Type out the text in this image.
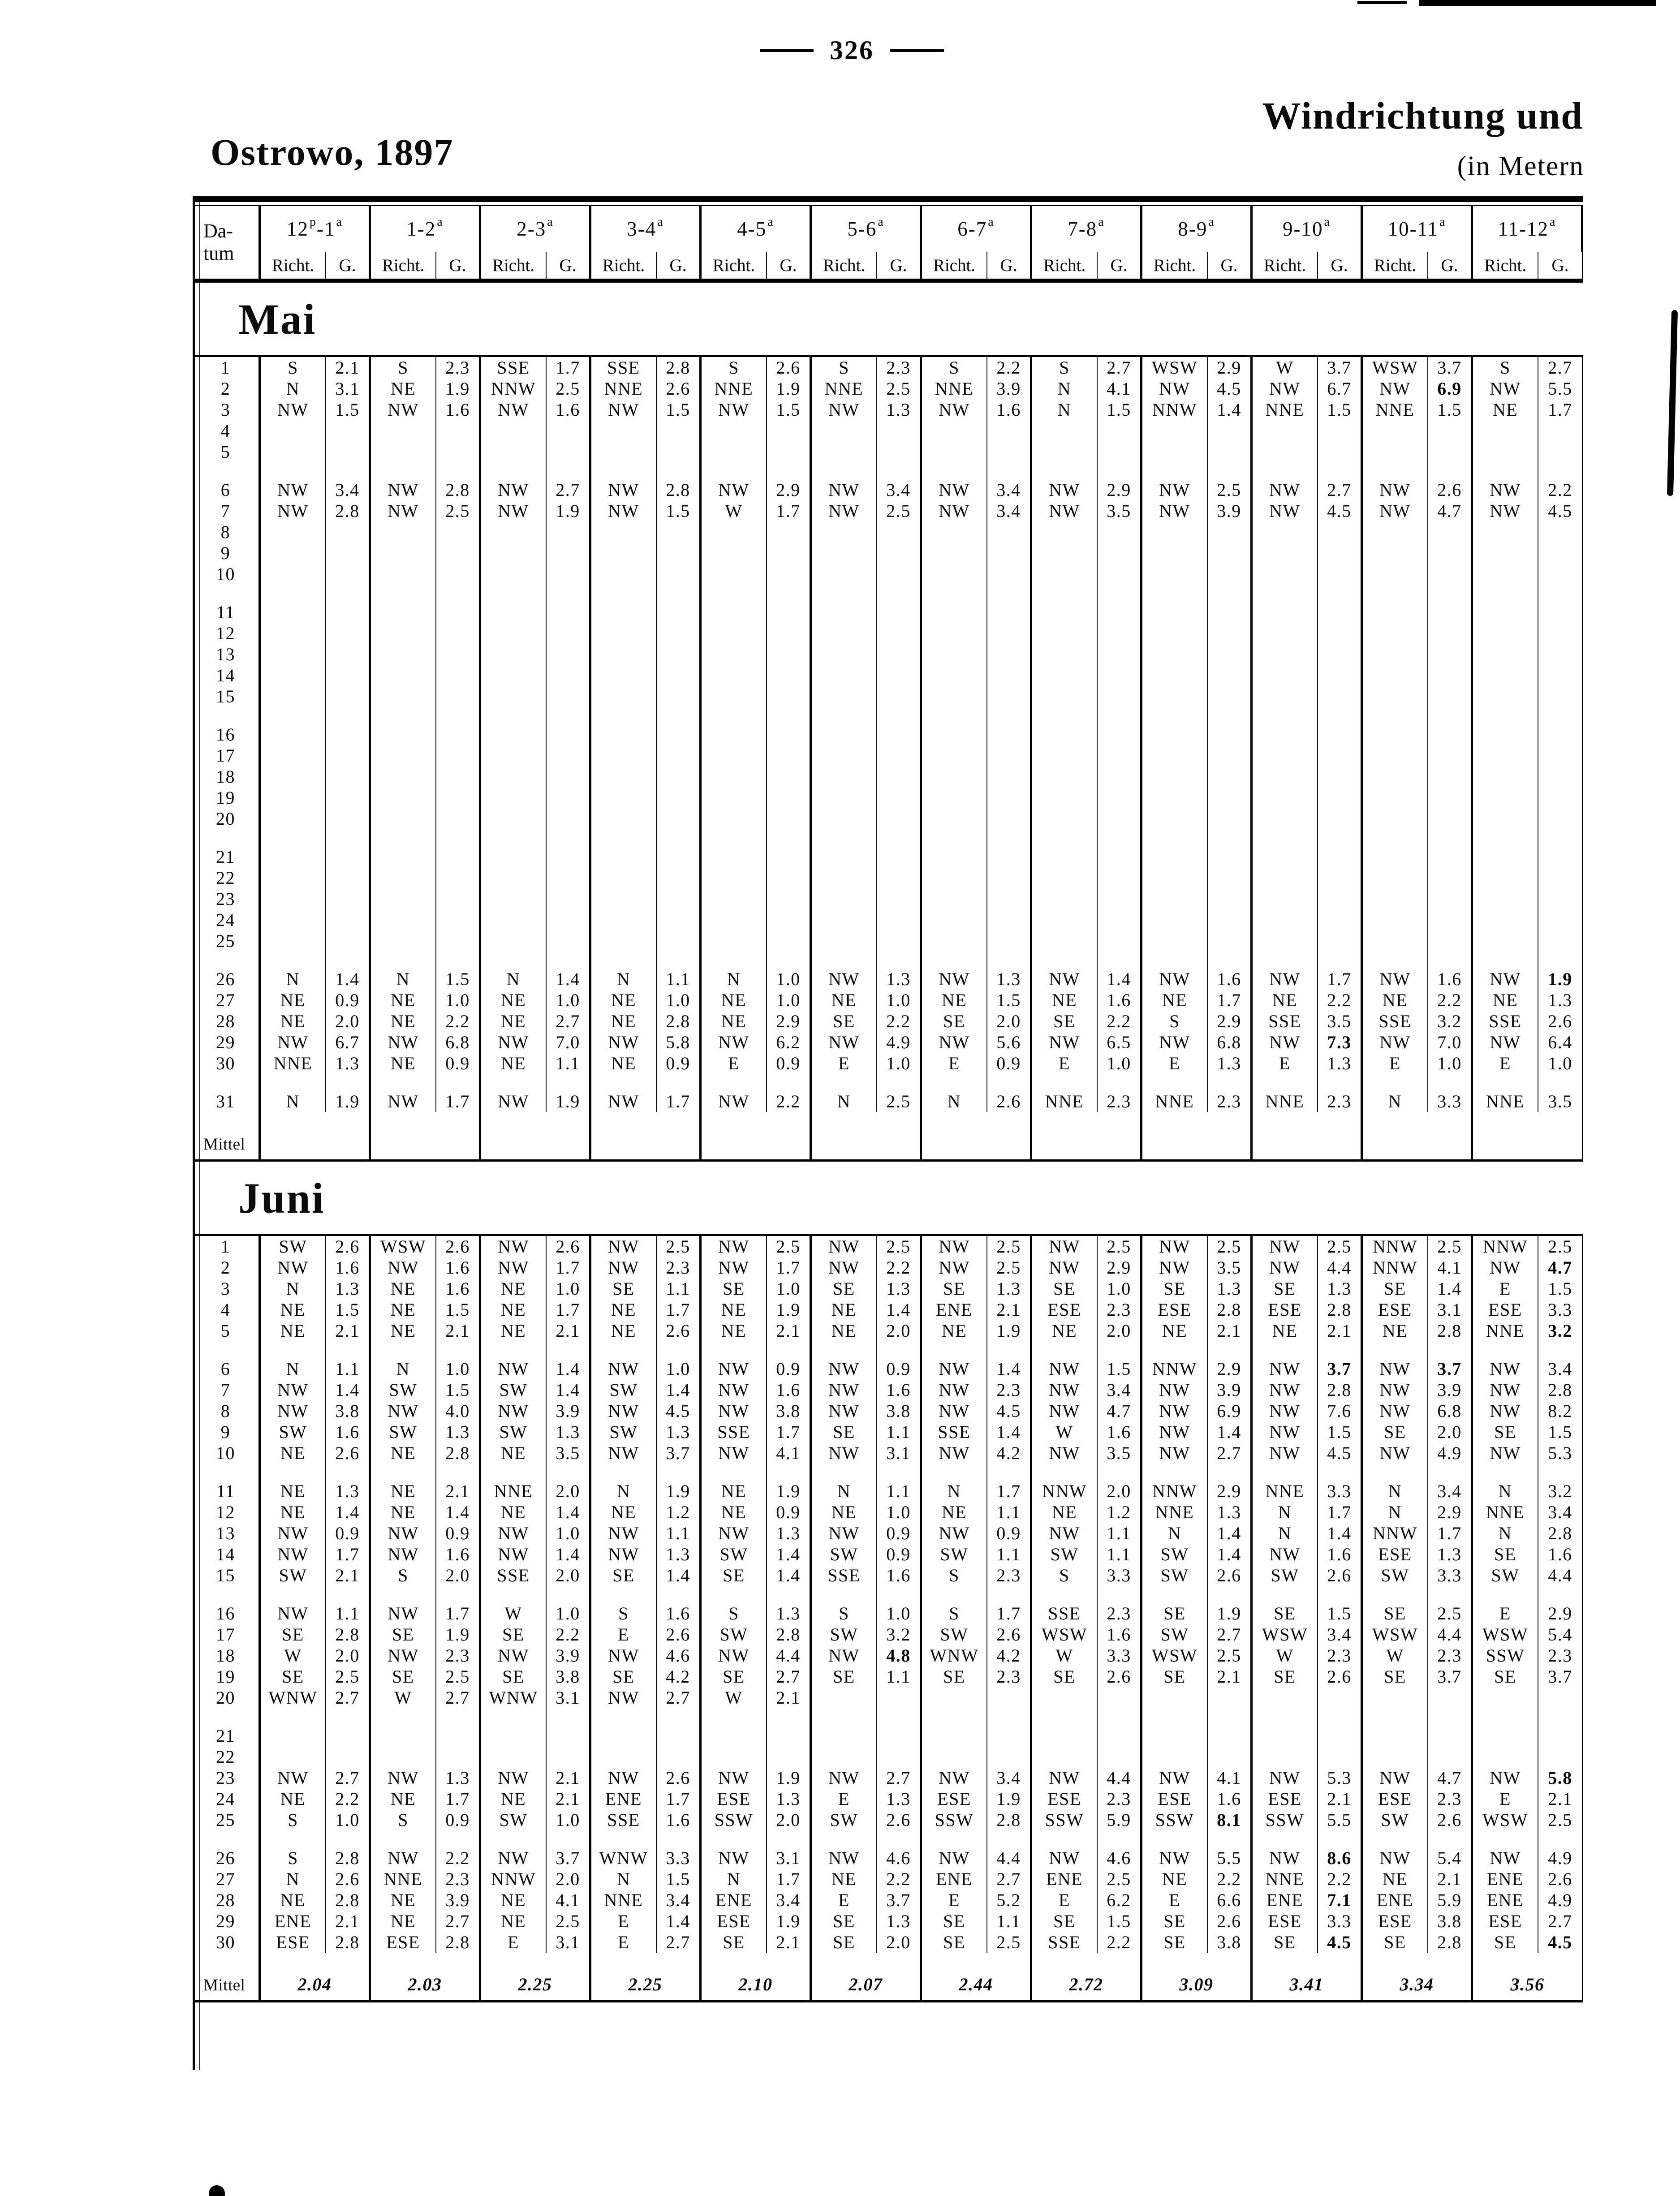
326
Windrichtung und
(in Metern
Ostrowo, 1897
Da-
tum
12 p -1 a	1 -2 a	2 -3 a	3 -4 a	4 -5 a	5 -6 a	6 -7 a	7 -8 a	8 -9 a	9 -10 a	10 -11 a	11 -12 a
Richt.	G.	Richt.	G.	Richt.	G.	Richt.	G.	Richt.	G.	Richt.	G.	Richt.	G.	Richt.	G.	Richt.	G.	Richt.	G.	Richt.	G.	Richt.	G.
Mai
1	S	2.1	S	2.3	SSE	1.7	SSE	2.8	S	2.6	S	2.3	S	2.2	S	2.7	WSW	2.9	W	3.7	WSW	3.7	S	2.7
2	N	3.1	NE	1.9	NNW	2.5	NNE	2.6	NNE	1.9	NNE	2.5	NNE	3.9	N	4.1	NW	4.5	NW	6.7	NW	6.9	NW	5.5
3	NW	1.5	NW	1.6	NW	1.6	NW	1.5	NW	1.5	NW	1.3	NW	1.6	N	1.5	NNW	1.4	NNE	1.5	NNE	1.5	NE	1.7
4
5
6	NW	3.4	NW	2.8	NW	2.7	NW	2.8	NW	2.9	NW	3.4	NW	3.4	NW	2.9	NW	2.5	NW	2.7	NW	2.6	NW	2.2
7	NW	2.8	NW	2.5	NW	1.9	NW	1.5	W	1.7	NW	2.5	NW	3.4	NW	3.5	NW	3.9	NW	4.5	NW	4.7	NW	4.5
8
9
10
11
12
13
14
15
16
17
18
19
20
21
22
23
24
25
26	N	1.4	N	1.5	N	1.4	N	1.1	N	1.0	NW	1.3	NW	1.3	NW	1.4	NW	1.6	NW	1.7	NW	1.6	NW	1.9
27	NE	0.9	NE	1.0	NE	1.0	NE	1.0	NE	1.0	NE	1.0	NE	1.5	NE	1.6	NE	1.7	NE	2.2	NE	2.2	NE	1.3
28	NE	2.0	NE	2.2	NE	2.7	NE	2.8	NE	2.9	SE	2.2	SE	2.0	SE	2.2	S	2.9	SSE	3.5	SSE	3.2	SSE	2.6
29	NW	6.7	NW	6.8	NW	7.0	NW	5.8	NW	6.2	NW	4.9	NW	5.6	NW	6.5	NW	6.8	NW	7.3	NW	7.0	NW	6.4
30	NNE	1.3	NE	0.9	NE	1.1	NE	0.9	E	0.9	E	1.0	E	0.9	E	1.0	E	1.3	E	1.3	E	1.0	E	1.0
31	N	1.9	NW	1.7	NW	1.9	NW	1.7	NW	2.2	N	2.5	N	2.6	NNE	2.3	NNE	2.3	NNE	2.3	N	3.3	NNE	3.5
Mittel
Juni
1	SW	2.6	WSW	2.6	NW	2.6	NW	2.5	NW	2.5	NW	2.5	NW	2.5	NW	2.5	NW	2.5	NW	2.5	NNW	2.5	NNW	2.5
2	NW	1.6	NW	1.6	NW	1.7	NW	2.3	NW	1.7	NW	2.2	NW	2.5	NW	2.9	NW	3.5	NW	4.4	NNW	4.1	NW	4.7
3	N	1.3	NE	1.6	NE	1.0	SE	1.1	SE	1.0	SE	1.3	SE	1.3	SE	1.0	SE	1.3	SE	1.3	SE	1.4	E	1.5
4	NE	1.5	NE	1.5	NE	1.7	NE	1.7	NE	1.9	NE	1.4	ENE	2.1	ESE	2.3	ESE	2.8	ESE	2.8	ESE	3.1	ESE	3.3
5	NE	2.1	NE	2.1	NE	2.1	NE	2.6	NE	2.1	NE	2.0	NE	1.9	NE	2.0	NE	2.1	NE	2.1	NE	2.8	NNE	3.2
6	N	1.1	N	1.0	NW	1.4	NW	1.0	NW	0.9	NW	0.9	NW	1.4	NW	1.5	NNW	2.9	NW	3.7	NW	3.7	NW	3.4
7	NW	1.4	SW	1.5	SW	1.4	SW	1.4	NW	1.6	NW	1.6	NW	2.3	NW	3.4	NW	3.9	NW	2.8	NW	3.9	NW	2.8
8	NW	3.8	NW	4.0	NW	3.9	NW	4.5	NW	3.8	NW	3.8	NW	4.5	NW	4.7	NW	6.9	NW	7.6	NW	6.8	NW	8.2
9	SW	1.6	SW	1.3	SW	1.3	SW	1.3	SSE	1.7	SE	1.1	SSE	1.4	W	1.6	NW	1.4	NW	1.5	SE	2.0	SE	1.5
10	NE	2.6	NE	2.8	NE	3.5	NW	3.7	NW	4.1	NW	3.1	NW	4.2	NW	3.5	NW	2.7	NW	4.5	NW	4.9	NW	5.3
11	NE	1.3	NE	2.1	NNE	2.0	N	1.9	NE	1.9	N	1.1	N	1.7	NNW	2.0	NNW	2.9	NNE	3.3	N	3.4	N	3.2
12	NE	1.4	NE	1.4	NE	1.4	NE	1.2	NE	0.9	NE	1.0	NE	1.1	NE	1.2	NNE	1.3	N	1.7	N	2.9	NNE	3.4
13	NW	0.9	NW	0.9	NW	1.0	NW	1.1	NW	1.3	NW	0.9	NW	0.9	NW	1.1	N	1.4	N	1.4	NNW	1.7	N	2.8
14	NW	1.7	NW	1.6	NW	1.4	NW	1.3	SW	1.4	SW	0.9	SW	1.1	SW	1.1	SW	1.4	NW	1.6	ESE	1.3	SE	1.6
15	SW	2.1	S	2.0	SSE	2.0	SE	1.4	SE	1.4	SSE	1.6	S	2.3	S	3.3	SW	2.6	SW	2.6	SW	3.3	SW	4.4
16	NW	1.1	NW	1.7	W	1.0	S	1.6	S	1.3	S	1.0	S	1.7	SSE	2.3	SE	1.9	SE	1.5	SE	2.5	E	2.9
17	SE	2.8	SE	1.9	SE	2.2	E	2.6	SW	2.8	SW	3.2	SW	2.6	WSW	1.6	SW	2.7	WSW	3.4	WSW	4.4	WSW	5.4
18	W	2.0	NW	2.3	NW	3.9	NW	4.6	NW	4.4	NW	4.8	WNW 4.2	W	3.3	WSW	2.5	W	2.3	W	2.3	SSW	2.3
19	SE	2.5	SE	2.5	SE	3.8	SE	4.2	SE	2.7	SE	1.1	SE	2.3	SE	2.6	SE	2.1	SE	2.6	SE	3.7	SE	3.7
20	WNW 2.7	W	2.7	WNW 3.1	NW	2.7	W	2.1
21
22
23	NW	2.7	NW	1.3	NW	2.1	NW	2.6	NW	1.9	NW	2.7	NW	3.4	NW	4.4	NW	4.1	NW	5.3	NW	4.7	NW	5.8
24	NE	2.2	NE	1.7	NE	2.1	ENE	1.7	ESE	1.3	E	1.3	ESE	1.9	ESE	2.3	ESE	1.6	ESE	2.1	ESE	2.3	E	2.1
25	S	1.0	S	0.9	SW	1.0	SSE	1.6	SSW	2.0	SW	2.6	SSW	2.8	SSW	5.9	SSW	8.1	SSW	5.5	SW	2.6	WSW	2.5
26	S	2.8	NW	2.2	NW	3.7	WNW 3.3	NW	3.1	NW	4.6	NW	4.4	NW	4.6	NW	5.5	NW	8.6	NW	5.4	NW	4.9
27	N	2.6	NNE	2.3	NNW	2.0	N	1.5	N	1.7	NE	2.2	ENE	2.7	ENE	2.5	NE	2.2	NNE	2.2	NE	2.1	ENE	2.6
28	NE	2.8	NE	3.9	NE	4.1	NNE	3.4	ENE	3.4	E	3.7	E	5.2	E	6.2	E	6.6	ENE	7.1	ENE	5.9	ENE	4.9
29	ENE	2.1	NE	2.7	NE	2.5	E	1.4	ESE	1.9	SE	1.3	SE	1.1	SE	1.5	SE	2.6	ESE	3.3	ESE	3.8	ESE	2.7
30	ESE	2.8	ESE	2.8	E	3.1	E	2.7	SE	2.1	SE	2.0	SE	2.5	SSE	2.2	SE	3.8	SE	4.5	SE	2.8	SE	4.5
Mittel	2.04	2.03	2.25	2.25	2.10	2.07	2.44	2.72	3.09	3.41	3.34	3.56
